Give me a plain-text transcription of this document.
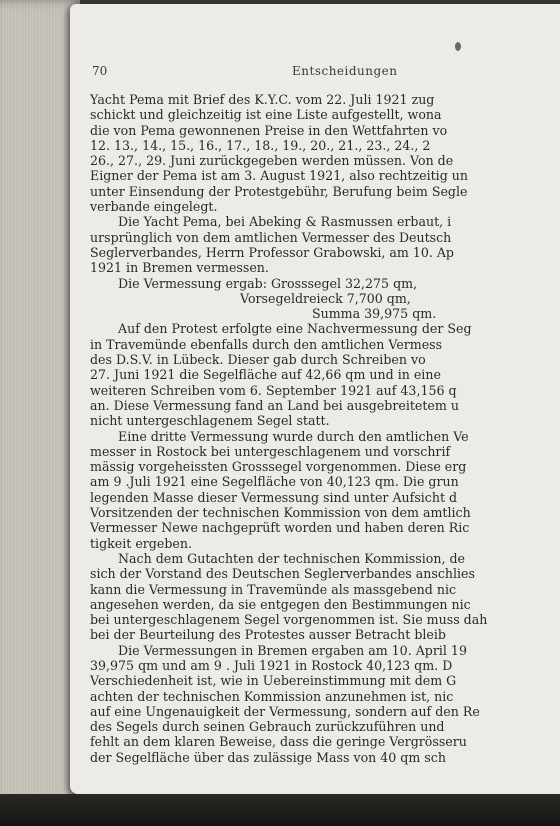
70	Entscheidungen
Yacht Pema mit Brief des K.Y.C. vom 22. Juli 1921 zug
schickt und gleichzeitig ist eine Liste aufgestellt, wona
die von Pema gewonnenen Preise in den Wettfahrten vo
12. 13., 14., 15., 16., 17., 18., 19., 20., 21., 23., 24., 2
26., 27., 29. Juni zurückgegeben werden müssen. Von de
Eigner der Pema ist am 3. August 1921, also rechtzeitig un
unter Einsendung der Protestgebühr, Berufung beim Segle
verbande eingelegt.
Die Yacht Pema, bei Abeking & Rasmussen erbaut, i
ursprünglich von dem amtlichen Vermesser des Deutsch
Seglerverbandes, Herrn Professor Grabowski, am 10. Ap
1921 in Bremen vermessen.
Die Vermessung ergab: Grosssegel 32,275 qm,
Vorsegeldreieck 7,700 qm,
Summa 39,975 qm.
Auf den Protest erfolgte eine Nachvermessung der Seg
in Travemünde ebenfalls durch den amtlichen Vermess
des D.S.V. in Lübeck. Dieser gab durch Schreiben vo
27. Juni 1921 die Segelfläche auf 42,66 qm und in eine
weiteren Schreiben vom 6. September 1921 auf 43,156 q
an. Diese Vermessung fand an Land bei ausgebreitetem u
nicht untergeschlagenem Segel statt.
Eine dritte Vermessung wurde durch den amtlichen Ve
messer in Rostock bei untergeschlagenem und vorschrif
mässig vorgeheissten Grosssegel vorgenommen. Diese erg
am 9 .Juli 1921 eine Segelfläche von 40,123 qm. Die grun
legenden Masse dieser Vermessung sind unter Aufsicht d
Vorsitzenden der technischen Kommission von dem amtlich
Vermesser Newe nachgeprüft worden und haben deren Ric
tigkeit ergeben.
Nach dem Gutachten der technischen Kommission, de
sich der Vorstand des Deutschen Seglerverbandes anschlies
kann die Vermessung in Travemünde als massgebend nic
angesehen werden, da sie entgegen den Bestimmungen nic
bei untergeschlagenem Segel vorgenommen ist. Sie muss dah
bei der Beurteilung des Protestes ausser Betracht bleib
Die Vermessungen in Bremen ergaben am 10. April 19
39,975 qm und am 9 . Juli 1921 in Rostock 40,123 qm. D
Verschiedenheit ist, wie in Uebereinstimmung mit dem G
achten der technischen Kommission anzunehmen ist, nic
auf eine Ungenauigkeit der Vermessung, sondern auf den Re
des Segels durch seinen Gebrauch zurückzuführen und
fehlt an dem klaren Beweise, dass die geringe Vergrösseru
der Segelfläche über das zulässige Mass von 40 qm sch
